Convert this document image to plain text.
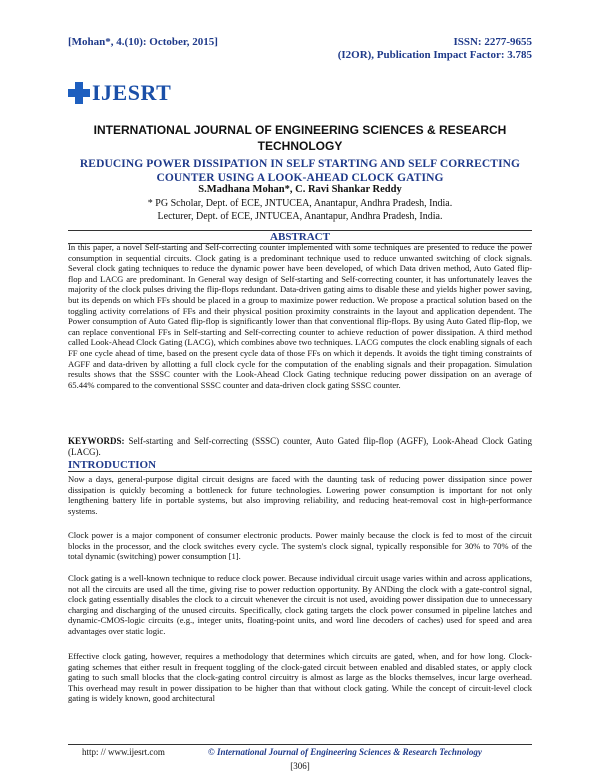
[Mohan*, 4.(10): October, 2015]	ISSN: 2277-9655
(I2OR), Publication Impact Factor: 3.785
IJESRT
INTERNATIONAL JOURNAL OF ENGINEERING SCIENCES & RESEARCH TECHNOLOGY
REDUCING POWER DISSIPATION IN SELF STARTING AND SELF CORRECTING
COUNTER USING A LOOK-AHEAD CLOCK GATING
S.Madhana Mohan*, C. Ravi Shankar Reddy
* PG Scholar, Dept. of ECE, JNTUCEA, Anantapur, Andhra Pradesh, India.
Lecturer, Dept. of ECE, JNTUCEA, Anantapur, Andhra Pradesh, India.
ABSTRACT
In this paper, a novel Self-starting and Self-correcting counter implemented with some techniques are presented to reduce the power consumption in sequential circuits. Clock gating is a predominant technique used to reduce unwanted switching of clock signals. Several clock gating techniques to reduce the dynamic power have been developed, of which Data driven method, Auto Gated flip-flop and LACG are predominant. In General way design of Self-starting and Self-correcting counter, it has unfortunately leaves the majority of the clock pulses driving the flip-flops redundant. Data-driven gating aims to disable these and yields higher power saving, but its depends on which FFs should be placed in a group to maximize power reduction. We propose a practical solution based on the toggling activity correlations of FFs and their physical position proximity constraints in the layout and application dependent. The Power consumption of Auto Gated flip-flop is significantly lower than that conventional flip-flops. By using Auto Gated flip-flop, we can replace conventional FFs in Self-starting and Self-correcting counter to achieve reduction of power dissipation. A third method called Look-Ahead Clock Gating (LACG), which combines above two techniques. LACG computes the clock enabling signals of each FF one cycle ahead of time, based on the present cycle data of those FFs on which it depends. It avoids the tight timing constraints of AGFF and data-driven by allotting a full clock cycle for the computation of the enabling signals and their propagation. Simulation results shows that the SSSC counter with the Look-Ahead Clock Gating technique reducing power dissipation on an average of 65.44% compared to the conventional SSSC counter and data-driven clock gating SSSC counter.
KEYWORDS: Self-starting and Self-correcting (SSSC) counter, Auto Gated flip-flop (AGFF), Look-Ahead Clock Gating (LACG).
INTRODUCTION
Now a days, general-purpose digital circuit designs are faced with the daunting task of reducing power dissipation since power dissipation is quickly becoming a bottleneck for future technologies. Lowering power consumption is important for not only lengthening battery life in portable systems, but also improving reliability, and reducing heat-removal cost in high-performance systems.
Clock power is a major component of consumer electronic products. Power mainly because the clock is fed to most of the circuit blocks in the processor, and the clock switches every cycle. The system's clock signal, typically responsible for 30% to 70% of the total dynamic (switching) power consumption [1].
Clock gating is a well-known technique to reduce clock power. Because individual circuit usage varies within and across applications, not all the circuits are used all the time, giving rise to power reduction opportunity. By ANDing the clock with a gate-control signal, clock gating essentially disables the clock to a circuit whenever the circuit is not used, avoiding power dissipation due to unnecessary charging and discharging of the unused circuits. Specifically, clock gating targets the clock power consumed in pipeline latches and dynamic-CMOS-logic circuits (e.g., integer units, floating-point units, and word line decoders of caches) used for speed and area advantages over static logic.
Effective clock gating, however, requires a methodology that determines which circuits are gated, when, and for how long. Clock-gating schemes that either result in frequent toggling of the clock-gated circuit between enabled and disabled states, or apply clock gating to such small blocks that the clock-gating control circuitry is almost as large as the blocks themselves, incur large overhead. This overhead may result in power dissipation to be higher than that without clock gating. While the concept of circuit-level clock gating is widely known, good architectural
http: // www.ijesrt.com	© International Journal of Engineering Sciences & Research Technology
[306]
